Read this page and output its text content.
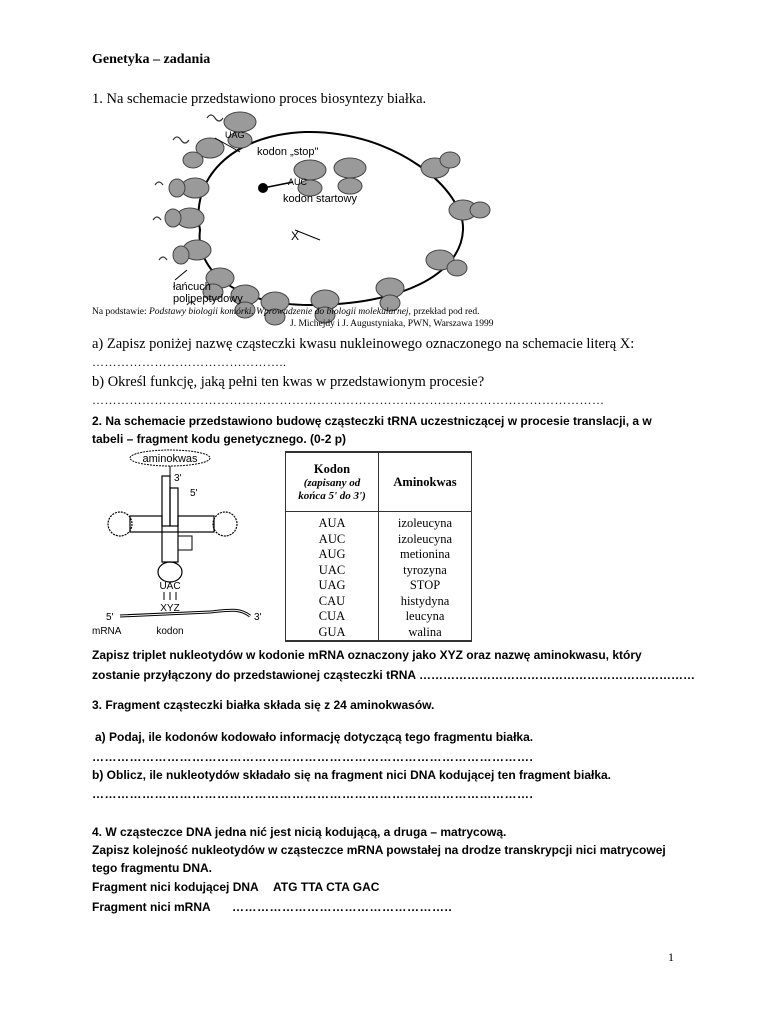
Genetyka – zadania
1. Na schemacie przedstawiono proces biosyntezy białka.
UAG
kodon „stop"
AUC
kodon startowy
X
łańcuch
polipeptydowy
Na podstawie: Podstawy biologii komórki. Wprowadzenie do biologii molekularnej, przekład pod red.
J. Michejdy i J. Augustyniaka, PWN, Warszawa 1999
a) Zapisz poniżej nazwę cząsteczki kwasu nukleinowego oznaczonego na schemacie literą X:
………………………………………..
b) Określ funkcję, jaką pełni ten kwas w przedstawionym procesie?
……………………………………………………………………………………………………………
2. Na schemacie przedstawiono budowę cząsteczki tRNA uczestniczącej w procesie translacji, a w
tabeli – fragment kodu genetycznego. (0-2 p)
aminokwas
3'
5'
UAC
XYZ
5'	3'
mRNA	kodon
Kodon
(zapisany od
końca 5' do 3')	Aminokwas

AUA	izoleucyna
AUC	izoleucyna
AUG	metionina
UAC	tyrozyna
UAG	STOP
CAU	histydyna
CUA	leucyna
GUA	walina
Zapisz triplet nukleotydów w kodonie mRNA oznaczony jako XYZ oraz nazwę aminokwasu, który
zostanie przyłączony do przedstawionej cząsteczki tRNA ……………………………………………………………
3. Fragment cząsteczki białka składa się z 24 aminokwasów.
a) Podaj, ile kodonów kodowało informację dotyczącą tego fragmentu białka.
…………………………………………………………………………………………….
b) Oblicz, ile nukleotydów składało się na fragment nici DNA kodującej ten fragment białka.
…………………………………………………………………………………………….
4. W cząsteczce DNA jedna nić jest nicią kodującą, a druga – matrycową.
Zapisz kolejność nukleotydów w cząsteczce mRNA powstałej na drodze transkrypcji nici matrycowej
tego fragmentu DNA.
Fragment nici kodującej DNA ATG TTA CTA GAC
Fragment nici mRNA ……………………………………………..
1
